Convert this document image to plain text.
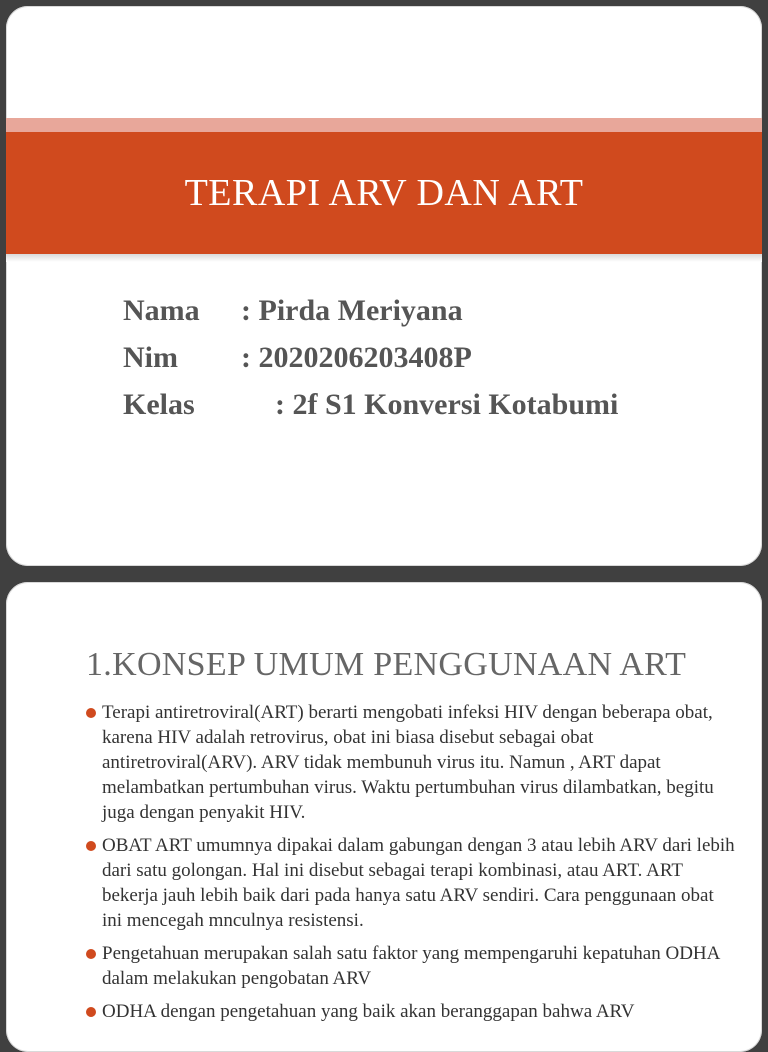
TERAPI ARV DAN ART
Nama	: Pirda Meriyana
Nim	: 2020206203408P
Kelas	: 2f S1 Konversi Kotabumi
1.KONSEP UMUM PENGGUNAAN ART
Terapi antiretroviral(ART) berarti mengobati infeksi HIV dengan beberapa obat, karena HIV adalah retrovirus, obat ini biasa disebut sebagai obat antiretroviral(ARV). ARV tidak membunuh virus itu. Namun , ART dapat melambatkan pertumbuhan virus. Waktu pertumbuhan virus dilambatkan, begitu juga dengan penyakit HIV.
OBAT ART umumnya dipakai dalam gabungan dengan 3 atau lebih ARV dari lebih dari satu golongan. Hal ini disebut sebagai terapi kombinasi, atau ART. ART bekerja jauh lebih baik dari pada hanya satu ARV sendiri. Cara penggunaan obat ini mencegah mnculnya resistensi.
Pengetahuan merupakan salah satu faktor yang mempengaruhi kepatuhan ODHA dalam melakukan pengobatan ARV
ODHA dengan pengetahuan yang baik akan beranggapan bahwa ARV
